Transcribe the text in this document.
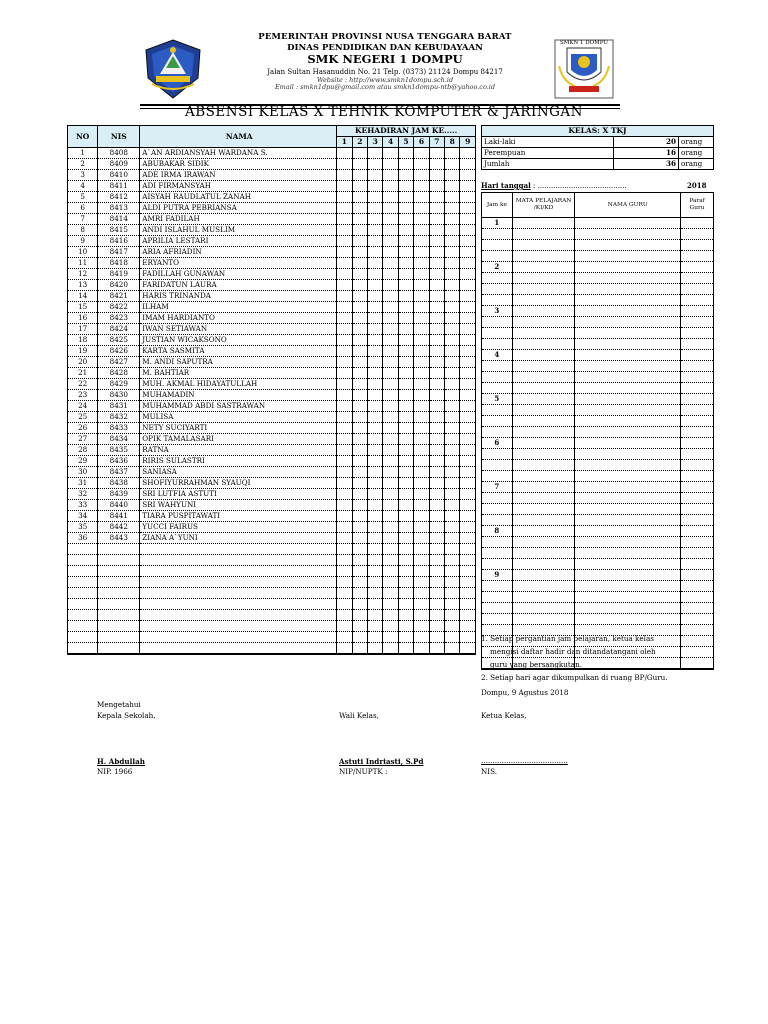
SMKN 1 DOMPU
PEMERINTAH PROVINSI NUSA TENGGARA BARAT
DINAS PENDIDIKAN DAN KEBUDAYAAN
SMK NEGERI 1 DOMPU
Jalan Sultan Hasanuddin No. 21 Telp. (0373) 21124 Dompu 84217
Website : http://www.smkn1dompu.sch.id
Email : smkn1dpu@gmail.com atau smkn1dompu-ntb@yahoo.co.id
ABSENSI KELAS X TEHNIK KOMPUTER & JARINGAN
NO	NIS	NAMA	KEHADIRAN JAM KE.....								
			1	2	3	4	5	6	7	8	9
1	8408	A`AN ARDIANSYAH WARDANA S.									
2	8409	ABUBAKAR SIDIK									
3	8410	ADE IRMA IRAWAN									
4	8411	ADI FIRMANSYAH									
5	8412	AISYAH RAUDLATUL ZANAH									
6	8413	ALDI PUTRA PEBRIANSA									
7	8414	AMRI FADILAH									
8	8415	ANDI ISLAHUL MUSLIM									
9	8416	APRILIA LESTARI									
10	8417	ARIA AFRIADIN									
11	8418	ERYANTO									
12	8419	FADILLAH GUNAWAN									
13	8420	FARIDATUN LAURA									
14	8421	HARIS TRINANDA									
15	8422	ILHAM									
16	8423	IMAM HARDIANTO									
17	8424	IWAN SETIAWAN									
18	8425	JUSTIAN WICAKSONO									
19	8426	KARTA SASMITA									
20	8427	M. ANDI SAPUTRA									
21	8428	M. BAHTIAR									
22	8429	MUH. AKMAL HIDAYATULLAH									
23	8430	MUHAMADIN									
24	8431	MUHAMMAD ABDI SASTRAWAN									
25	8432	MULISA									
26	8433	NETY SUCIYARTI									
27	8434	OPIK TAMALASARI									
28	8435	RATNA									
29	8436	RIRIS SULASTRI									
30	8437	SANIASA									
31	8438	SHOFIYURRAHMAN SYAUQI									
32	8439	SRI LUTFIA ASTUTI									
33	8440	SRI WAHYUNI									
34	8441	TIARA PUSPITAWATI									
35	8442	YUCCI FAIRUS									
36	8443	ZIANA A`YUNI									

KELAS: X TKJ		
Laki-laki	20	orang
Perempuan	16	orang
Jumlah	36	orang
Hari tanggal : ........................................	2018
Jam ke	MATA PELAJARAN /KI/KD	NAMA GURU	Paraf Guru
1			

2			

3			

4			

5			

6			

7			

8			

9			

1. Setiap pergantian jam pelajaran, ketua kelas
mengisi daftar hadir dan ditandatangani oleh
guru yang bersangkutan.
2. Setiap hari agar dikumpulkan di ruang BP/Guru.
Dompu, 9 Agustus 2018
Mengetahui
Kepala Sekolah,	Wali Kelas,	Ketua Kelas,
H. Abdullah	Astuti Indriasti, S.Pd	......................................
NIP. 1966	NIP/NUPTK :	NIS.
